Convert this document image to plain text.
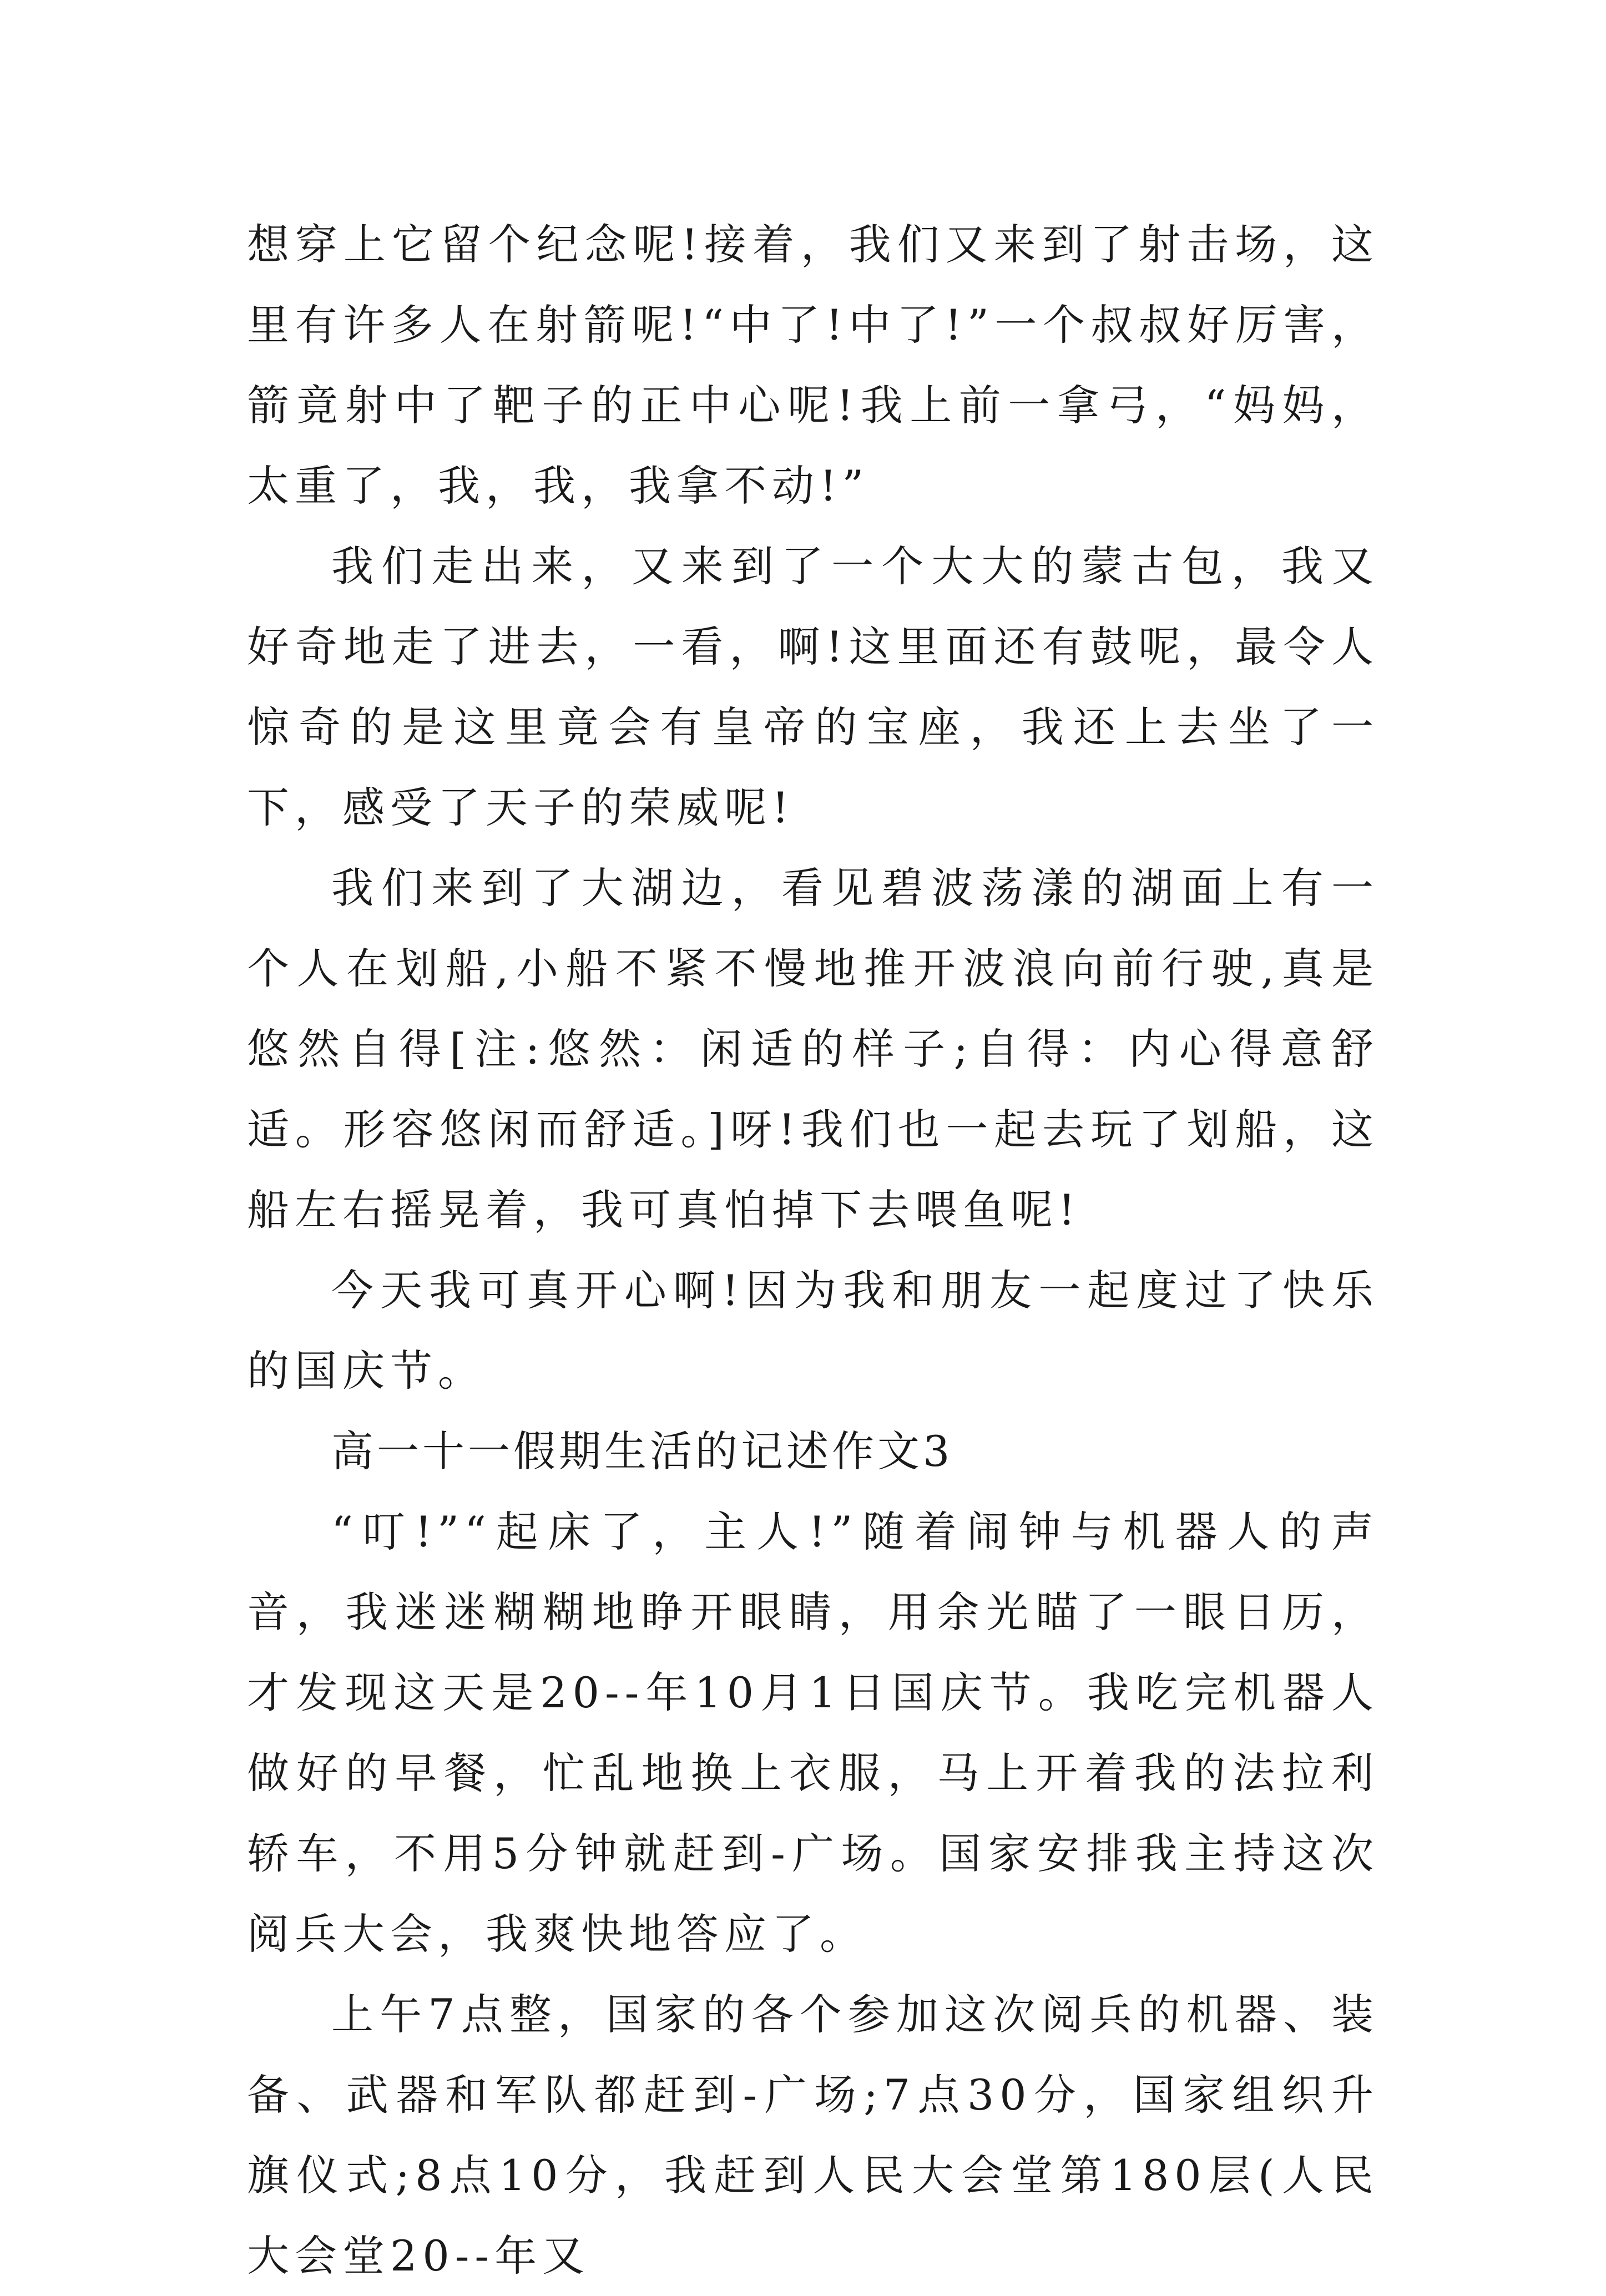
想穿上它留个纪念呢!接着，我们又来到了射击场，这里有许多人在射箭呢!“中了!中了!”一个叔叔好厉害，箭竟射中了靶子的正中心呢!我上前一拿弓，“妈妈，太重了，我，我，我拿不动!”

我们走出来，又来到了一个大大的蒙古包，我又好奇地走了进去，一看，啊!这里面还有鼓呢，最令人惊奇的是这里竟会有皇帝的宝座，我还上去坐了一下，感受了天子的荣威呢!

我们来到了大湖边，看见碧波荡漾的湖面上有一个人在划船,小船不紧不慢地推开波浪向前行驶,真是悠然自得[注:悠然：闲适的样子;自得：内心得意舒适。形容悠闲而舒适。]呀!我们也一起去玩了划船，这船左右摇晃着，我可真怕掉下去喂鱼呢!

今天我可真开心啊!因为我和朋友一起度过了快乐的国庆节。

高一十一假期生活的记述作文3

“叮!”“起床了，主人!”随着闹钟与机器人的声音，我迷迷糊糊地睁开眼睛，用余光瞄了一眼日历，才发现这天是20--年10月1日国庆节。我吃完机器人做好的早餐，忙乱地换上衣服，马上开着我的法拉利轿车，不用5分钟就赶到-广场。国家安排我主持这次阅兵大会，我爽快地答应了。

上午7点整，国家的各个参加这次阅兵的机器、装备、武器和军队都赶到-广场;7点30分，国家组织升旗仪式;8点10分，我赶到人民大会堂第180层(人民大会堂20--年又
